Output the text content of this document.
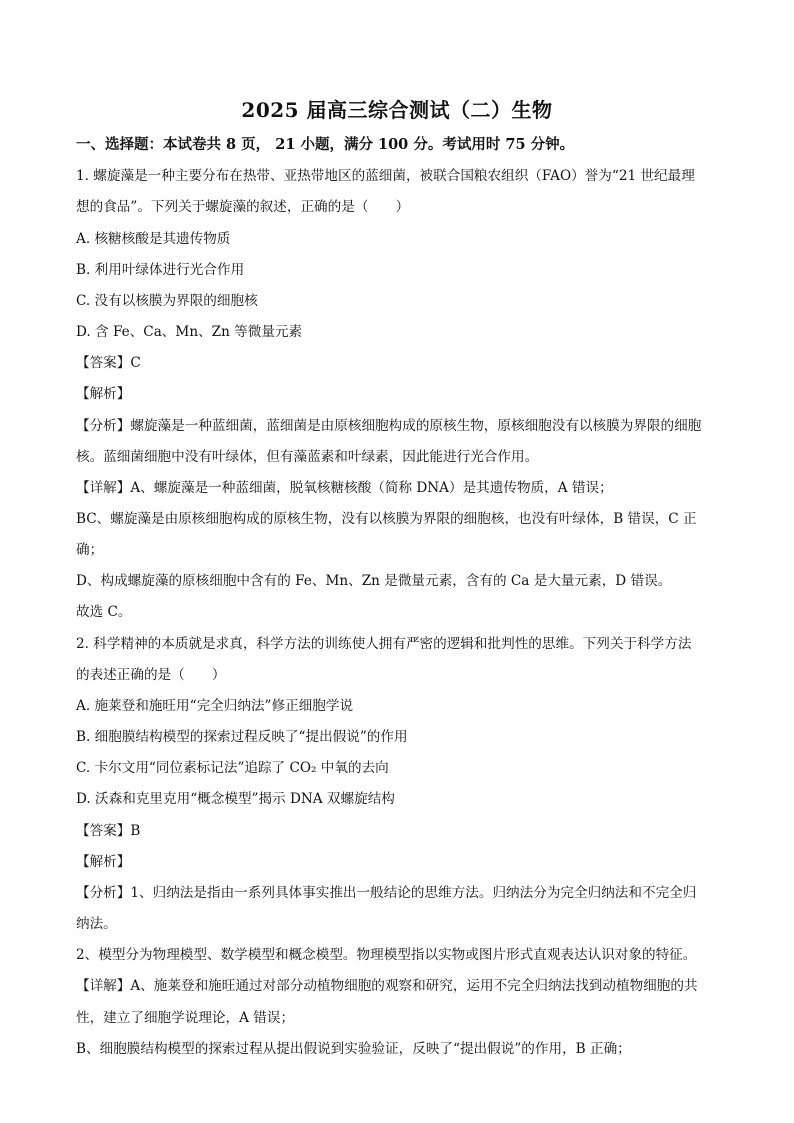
2025 届高三综合测试（二）生物
一、选择题：本试卷共 8 页， 21 小题，满分 100 分。考试用时 75 分钟。
1. 螺旋藻是一种主要分布在热带、亚热带地区的蓝细菌，被联合国粮农组织（FAO）誉为“21 世纪最理
想的食品”。下列关于螺旋藻的叙述，正确的是（　　）
A. 核糖核酸是其遗传物质
B. 利用叶绿体进行光合作用
C. 没有以核膜为界限的细胞核
D. 含 Fe、Ca、Mn、Zn 等微量元素
【答案】C
【解析】
【分析】螺旋藻是一种蓝细菌，蓝细菌是由原核细胞构成的原核生物，原核细胞没有以核膜为界限的细胞
核。蓝细菌细胞中没有叶绿体，但有藻蓝素和叶绿素，因此能进行光合作用。
【详解】A、螺旋藻是一种蓝细菌，脱氧核糖核酸（简称 DNA）是其遗传物质，A 错误；
BC、螺旋藻是由原核细胞构成的原核生物，没有以核膜为界限的细胞核，也没有叶绿体，B 错误，C 正
确；
D、构成螺旋藻的原核细胞中含有的 Fe、Mn、Zn 是微量元素，含有的 Ca 是大量元素，D 错误。
故选 C。
2. 科学精神的本质就是求真，科学方法的训练使人拥有严密的逻辑和批判性的思维。下列关于科学方法
的表述正确的是（　　）
A. 施莱登和施旺用“完全归纳法”修正细胞学说
B. 细胞膜结构模型的探索过程反映了“提出假说”的作用
C. 卡尔文用“同位素标记法”追踪了 CO₂ 中氧的去向
D. 沃森和克里克用“概念模型”揭示 DNA 双螺旋结构
【答案】B
【解析】
【分析】1、归纳法是指由一系列具体事实推出一般结论的思维方法。归纳法分为完全归纳法和不完全归
纳法。
2、模型分为物理模型、数学模型和概念模型。物理模型指以实物或图片形式直观表达认识对象的特征。
【详解】A、施莱登和施旺通过对部分动植物细胞的观察和研究，运用不完全归纳法找到动植物细胞的共
性，建立了细胞学说理论，A 错误；
B、细胞膜结构模型的探索过程从提出假说到实验验证，反映了“提出假说”的作用，B 正确；
